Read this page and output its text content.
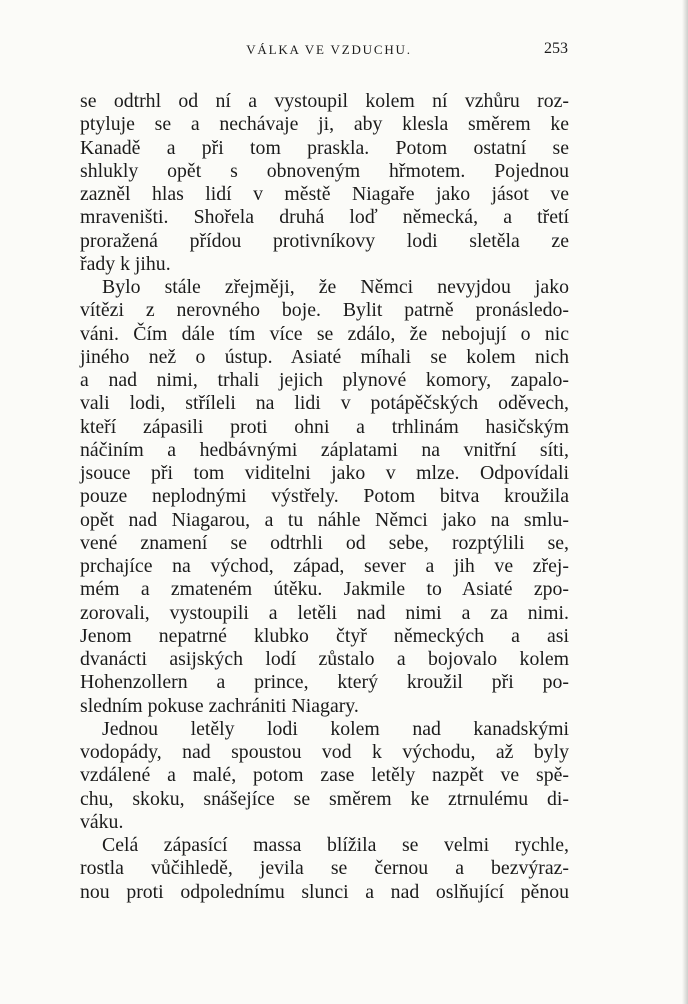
VÁLKA VE VZDUCHU.	253
se odtrhl od ní a vystoupil kolem ní vzhůru roz-
ptyluje se a nechávaje ji, aby klesla směrem ke
Kanadě a při tom praskla. Potom ostatní se
shlukly opět s obnoveným hřmotem. Pojednou
zazněl hlas lidí v městě Niagaře jako jásot ve
mraveništi. Shořela druhá loď německá, a třetí
proražená přídou protivníkovy lodi sletěla ze
řady k jihu.
Bylo stále zřejměji, že Němci nevyjdou jako
vítězi z nerovného boje. Bylit patrně pronásledo-
váni. Čím dále tím více se zdálo, že nebojují o nic
jiného než o ústup. Asiaté míhali se kolem nich
a nad nimi, trhali jejich plynové komory, zapalo-
vali lodi, stříleli na lidi v potápěčských oděvech,
kteří zápasili proti ohni a trhlinám hasičským
náčiním a hedbávnými záplatami na vnitřní síti,
jsouce při tom viditelni jako v mlze. Odpovídali
pouze neplodnými výstřely. Potom bitva kroužila
opět nad Niagarou, a tu náhle Němci jako na smlu-
vené znamení se odtrhli od sebe, rozptýlili se,
prchajíce na východ, západ, sever a jih ve zřej-
mém a zmateném útěku. Jakmile to Asiaté zpo-
zorovali, vystoupili a letěli nad nimi a za nimi.
Jenom nepatrné klubko čtyř německých a asi
dvanácti asijských lodí zůstalo a bojovalo kolem
Hohenzollern a prince, který kroužil při po-
sledním pokuse zachrániti Niagary.
Jednou letěly lodi kolem nad kanadskými
vodopády, nad spoustou vod k východu, až byly
vzdálené a malé, potom zase letěly nazpět ve spě-
chu, skoku, snášejíce se směrem ke ztrnulému di-
váku.
Celá zápasící massa blížila se velmi rychle,
rostla vůčihledě, jevila se černou a bezvýraz-
nou proti odpolednímu slunci a nad oslňující pěnou
